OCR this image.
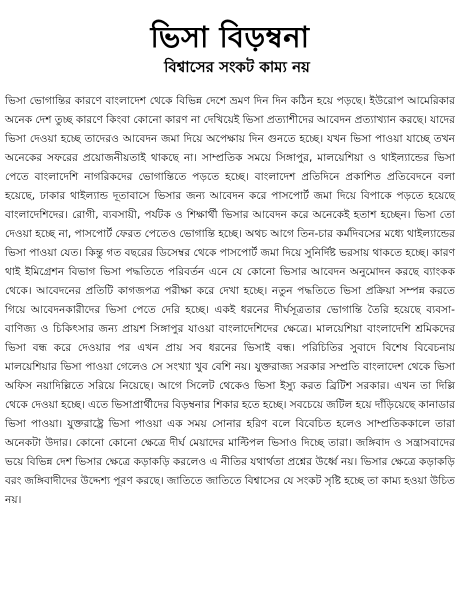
ভিসা বিড়ম্বনা
বিশ্বাসের সংকট কাম্য নয়

ভিসা ভোগান্তির কারণে বাংলাদেশ থেকে বিভিন্ন দেশে ভ্রমণ দিন দিন কঠিন হয়ে পড়ছে। ইউরোপ আমেরিকার অনেক দেশ তুচ্ছ কারণে কিংবা কোনো কারণ না দেখিয়েই ভিসা প্রত্যাশীদের আবেদন প্রত্যাখ্যান করছে। যাদের ভিসা দেওয়া হচ্ছে তাদেরও আবেদন জমা দিয়ে অপেক্ষায় দিন গুনতে হচ্ছে। যখন ভিসা পাওয়া যাচ্ছে তখন অনেকের সফরের প্রয়োজনীয়তাই থাকছে না। সাম্প্রতিক সময়ে সিঙ্গাপুর, মালয়েশিয়া ও থাইল্যান্ডের ভিসা পেতে বাংলাদেশি নাগরিকদের ভোগান্তিতে পড়তে হচ্ছে। বাংলাদেশ প্রতিদিনে প্রকাশিত প্রতিবেদনে বলা হয়েছে, ঢাকার থাইল্যান্ড দূতাবাসে ভিসার জন্য আবেদন করে পাসপোর্ট জমা দিয়ে বিপাকে পড়তে হয়েছে বাংলাদেশিদের। রোগী, ব্যবসায়ী, পর্যটক ও শিক্ষার্থী ভিসার আবেদন করে অনেকেই হতাশ হচ্ছেন। ভিসা তো দেওয়া হচ্ছে না, পাসপোর্ট ফেরত পেতেও ভোগান্তি হচ্ছে। অথচ আগে তিন-চার কর্মদিবসের মধ্যে থাইল্যান্ডের ভিসা পাওয়া যেত। কিন্তু গত বছরের ডিসেম্বর থেকে পাসপোর্ট জমা দিয়ে সুনির্দিষ্ট ভরসায় থাকতে হচ্ছে। কারণ থাই ইমিগ্রেশন বিভাগ ভিসা পদ্ধতিতে পরিবর্তন এনে যে কোনো ভিসার আবেদন অনুমোদন করছে ব্যাংকক থেকে। আবেদনের প্রতিটি কাগজপত্র পরীক্ষা করে দেখা হচ্ছে। নতুন পদ্ধতিতে ভিসা প্রক্রিয়া সম্পন্ন করতে গিয়ে আবেদনকারীদের ভিসা পেতে দেরি হচ্ছে। একই ধরনের দীর্ঘসূত্রতার ভোগান্তি তৈরি হয়েছে ব্যবসা-বাণিজ্য ও চিকিৎসার জন্য প্রায়শ সিঙ্গাপুর যাওয়া বাংলাদেশিদের ক্ষেত্রে। মালয়েশিয়া বাংলাদেশি শ্রমিকদের ভিসা বন্ধ করে দেওয়ার পর এখন প্রায় সব ধরনের ভিসাই বন্ধ। পরিচিতির সুবাদে বিশেষ বিবেচনায় মালয়েশিয়ার ভিসা পাওয়া গেলেও সে সংখ্যা খুব বেশি নয়। যুক্তরাজ্য সরকার সম্প্রতি বাংলাদেশ থেকে ভিসা অফিস নয়াদিল্লিতে সরিয়ে নিয়েছে। আগে সিলেট থেকেও ভিসা ইস্যু করত ব্রিটিশ সরকার। এখন তা দিল্লি থেকে দেওয়া হচ্ছে। এতে ভিসাপ্রার্থীদের বিড়ম্বনার শিকার হতে হচ্ছে। সবচেয়ে জটিল হয়ে দাঁড়িয়েছে কানাডার ভিসা পাওয়া। যুক্তরাষ্ট্রে ভিসা পাওয়া এক সময় সোনার হরিণ বলে বিবেচিত হলেও সাম্প্রতিককালে তারা অনেকটা উদার। কোনো কোনো ক্ষেত্রে দীর্ঘ মেয়াদের মাল্টিপল ভিসাও দিচ্ছে তারা। জঙ্গিবাদ ও সন্ত্রাসবাদের ভয়ে বিভিন্ন দেশ ভিসার ক্ষেত্রে কড়াকড়ি করলেও এ নীতির যথার্থতা প্রশ্নের উর্ধ্বে নয়। ভিসার ক্ষেত্রে কড়াকড়ি বরং জঙ্গিবাদীদের উদ্দেশ্য পূরণ করছে। জাতিতে জাতিতে বিশ্বাসের যে সংকট সৃষ্টি হচ্ছে তা কাম্য হওয়া উচিত নয়।
